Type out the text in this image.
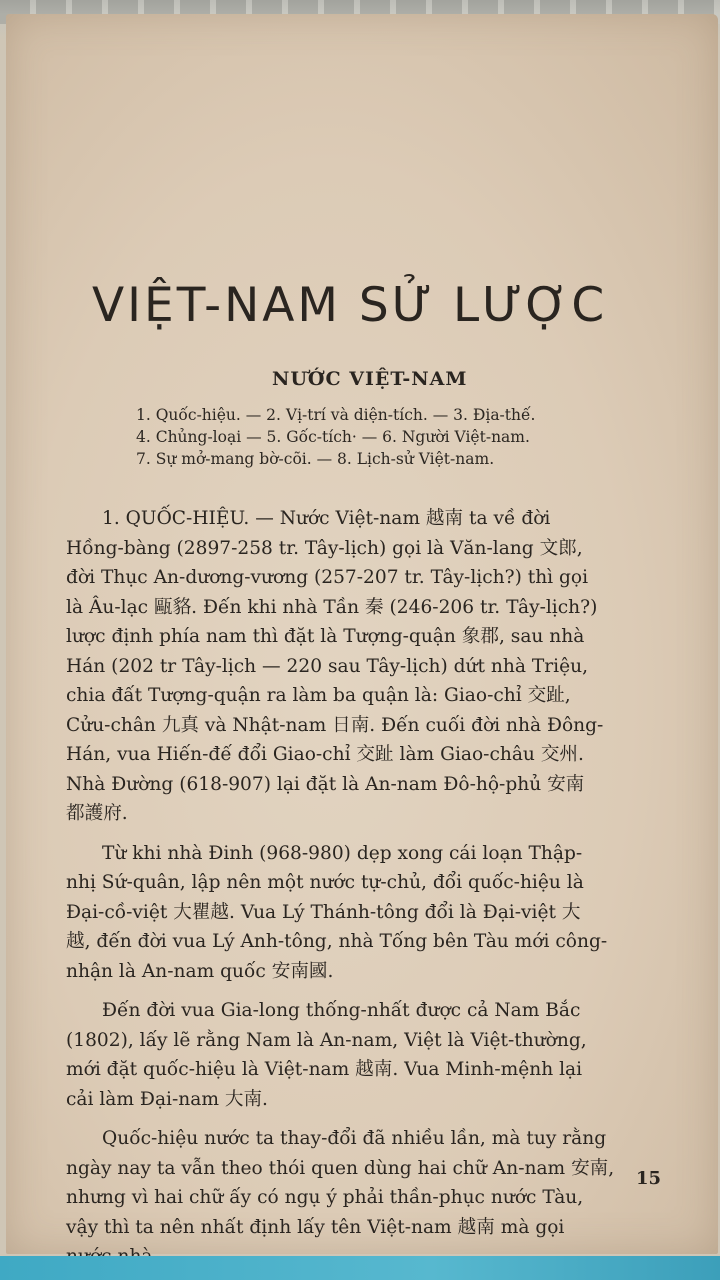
VIỆT-NAM SỬ LƯỢC
NƯỚC VIỆT-NAM
1. Quốc-hiệu. — 2. Vị-trí và diện-tích. — 3. Địa-thế.
4. Chủng-loại — 5. Gốc-tích· — 6. Người Việt-nam.
7. Sự mở-mang bờ-cõi. — 8. Lịch-sử Việt-nam.
1. QUỐC-HIỆU. — Nước Việt-nam 越南 ta về đời
Hồng-bàng (2897-258 tr. Tây-lịch) gọi là Văn-lang 文郎,
đời Thục An-dương-vương (257-207 tr. Tây-lịch?) thì gọi
là Âu-lạc 甌貉. Đến khi nhà Tần 秦 (246-206 tr. Tây-lịch?)
lược định phía nam thì đặt là Tượng-quận 象郡, sau nhà
Hán (202 tr Tây-lịch — 220 sau Tây-lịch) dứt nhà Triệu,
chia đất Tượng-quận ra làm ba quận là: Giao-chỉ 交趾,
Cửu-chân 九真 và Nhật-nam 日南. Đến cuối đời nhà Đông-
Hán, vua Hiến-đế đổi Giao-chỉ 交趾 làm Giao-châu 交州.
Nhà Đường (618-907) lại đặt là An-nam Đô-hộ-phủ 安南
都護府.
Từ khi nhà Đinh (968-980) dẹp xong cái loạn Thập-
nhị Sứ-quân, lập nên một nước tự-chủ, đổi quốc-hiệu là
Đại-cồ-việt 大瞿越. Vua Lý Thánh-tông đổi là Đại-việt 大
越, đến đời vua Lý Anh-tông, nhà Tống bên Tàu mới công-
nhận là An-nam quốc 安南國.
Đến đời vua Gia-long thống-nhất được cả Nam Bắc
(1802), lấy lẽ rằng Nam là An-nam, Việt là Việt-thường,
mới đặt quốc-hiệu là Việt-nam 越南. Vua Minh-mệnh lại
cải làm Đại-nam 大南.
Quốc-hiệu nước ta thay-đổi đã nhiều lần, mà tuy rằng
ngày nay ta vẫn theo thói quen dùng hai chữ An-nam 安南,
nhưng vì hai chữ ấy có ngụ ý phải thần-phục nước Tàu,
vậy thì ta nên nhất định lấy tên Việt-nam 越南 mà gọi
15
